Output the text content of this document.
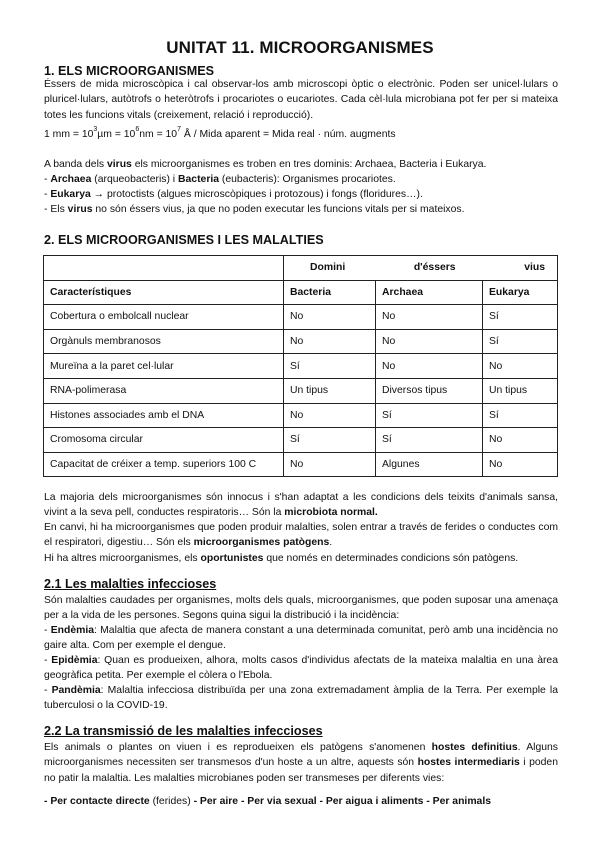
UNITAT 11. MICROORGANISMES
1. ELS MICROORGANISMES

Éssers de mida microscòpica i cal observar-los amb microscopi òptic o electrònic. Poden ser unicel·lulars o pluricel·lulars, autòtrofs o heteròtrofs i procariotes o eucariotes. Cada cèl·lula microbiana pot fer per si mateixa totes les funcions vitals (creixement, relació i reproducció).

1 mm = $10^3\mu m = 10^6nm = 10^7$ Å / Mida aparent = Mida real · núm. augments
A banda dels virus els microorganismes es troben en tres dominis: Archaea, Bacteria i Eukarya.
- Archaea (arqueobacteris) i Bacteria (eubacteris): Organismes procariotes.
- Eukarya → protoctists (algues microscòpiques i protozous) i fongs (floridures…).
- Els virus no són éssers vius, ja que no poden executar les funcions vitals per si mateixos.
2. ELS MICROORGANISMES I LES MALALTIES

	Domini d'éssers vius		

Característiques	Bacteria	Archaea	Eukarya
Cobertura o embolcall nuclear	No	No	Sí
Orgànuls membranosos	No	No	Sí
Mureïna a la paret cel·lular	Sí	No	No
RNA-polimerasa	Un tipus	Diversos tipus	Un tipus
Histones associades amb el DNA	No	Sí	Sí
Cromosoma circular	Sí	Sí	No
Capacitat de créixer a temp. superiors 100 C	No	Algunes	No

La majoria dels microorganismes són innocus i s'han adaptat a les condicions dels teixits d'animals sansa, vivint a la seva pell, conductes respiratoris… Són la microbiota normal.

En canvi, hi ha microorganismes que poden produir malalties, solen entrar a través de ferides o conductes com el respiratori, digestiu… Són els microorganismes patògens.

Hi ha altres microorganismes, els oportunistes que només en determinades condicions són patògens.
2.1 Les malalties infeccioses

Són malalties caudades per organismes, molts dels quals, microorganismes, que poden suposar una amenaça per a la vida de les persones. Segons quina sigui la distribució i la incidència:

- Endèmia: Malaltia que afecta de manera constant a una determinada comunitat, però amb una incidència no gaire alta. Com per exemple el dengue.

- Epidèmia: Quan es produeixen, alhora, molts casos d'individus afectats de la mateixa malaltia en una àrea geogràfica petita. Per exemple el còlera o l'Ebola.

- Pandèmia: Malaltia infecciosa distribuïda per una zona extremadament àmplia de la Terra. Per exemple la tuberculosi o la COVID-19.

2.2 La transmissió de les malalties infeccioses

Els animals o plantes on viuen i es reprodueixen els patògens s'anomenen hostes definitius. Alguns microorganismes necessiten ser transmesos d'un hoste a un altre, aquests són hostes intermediaris i poden no patir la malaltia. Les malalties microbianes poden ser transmeses per diferents vies:

- Per contacte directe (ferides) - Per aire - Per via sexual - Per aigua i aliments - Per animals
